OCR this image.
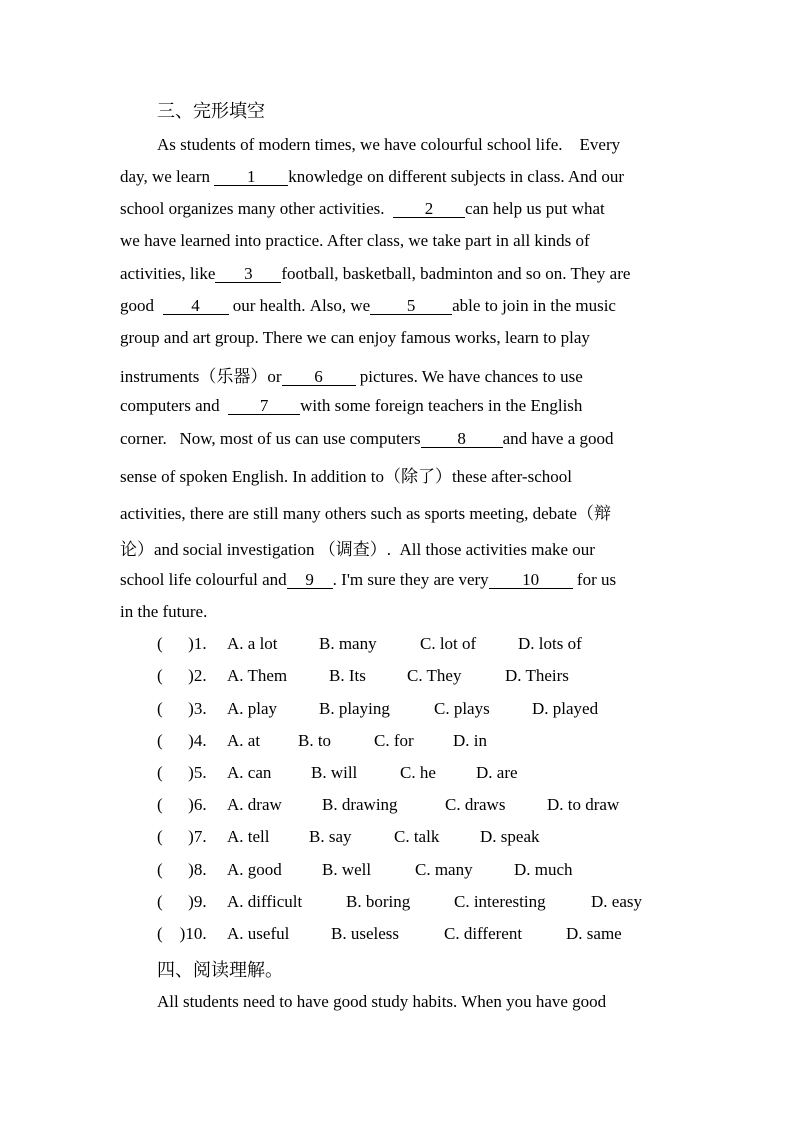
三、完形填空
As students of modern times, we have colourful school life.    Every
day, we learn 1 knowledge on different subjects in class. And our
school organizes many other activities.  2 can help us put what
we have learned into practice. After class, we take part in all kinds of
activities, like 3 football, basketball, badminton and so on. They are
good  4 our health. Also, we 5 able to join in the music
group and art group. There we can enjoy famous works, learn to play
instruments（乐器）or 6 pictures. We have chances to use
computers and  7 with some foreign teachers in the English
corner.   Now, most of us can use computers 8 and have a good
sense of spoken English. In addition to（除了）these after-school
activities, there are still many others such as sports meeting, debate（辩
论）and social investigation （调查）.  All those activities make our
school life colourful and 9 . I'm sure they are very 10 for us
in the future.
(      )1. A. a lot B. many	C. lot of D. lots of
(      )2. A. Them B. Its C. They	D. Theirs
(      )3. A. play B. playing	C. plays D. played
(      )4. A. at B. to	C. for D. in
(      )5. A. can B. will	C. he D. are
(      )6. A. draw B. drawing	C. draws D. to draw
(      )7. A. tell B. say	C. talk D. speak
(      )8. A. good B. well	C. many D. much
(      )9. A. difficult	B. boring	C. interesting	D. easy
(    )10. A. useful B. useless	C. different	D. same
四、阅读理解。
All students need to have good study habits. When you have good
